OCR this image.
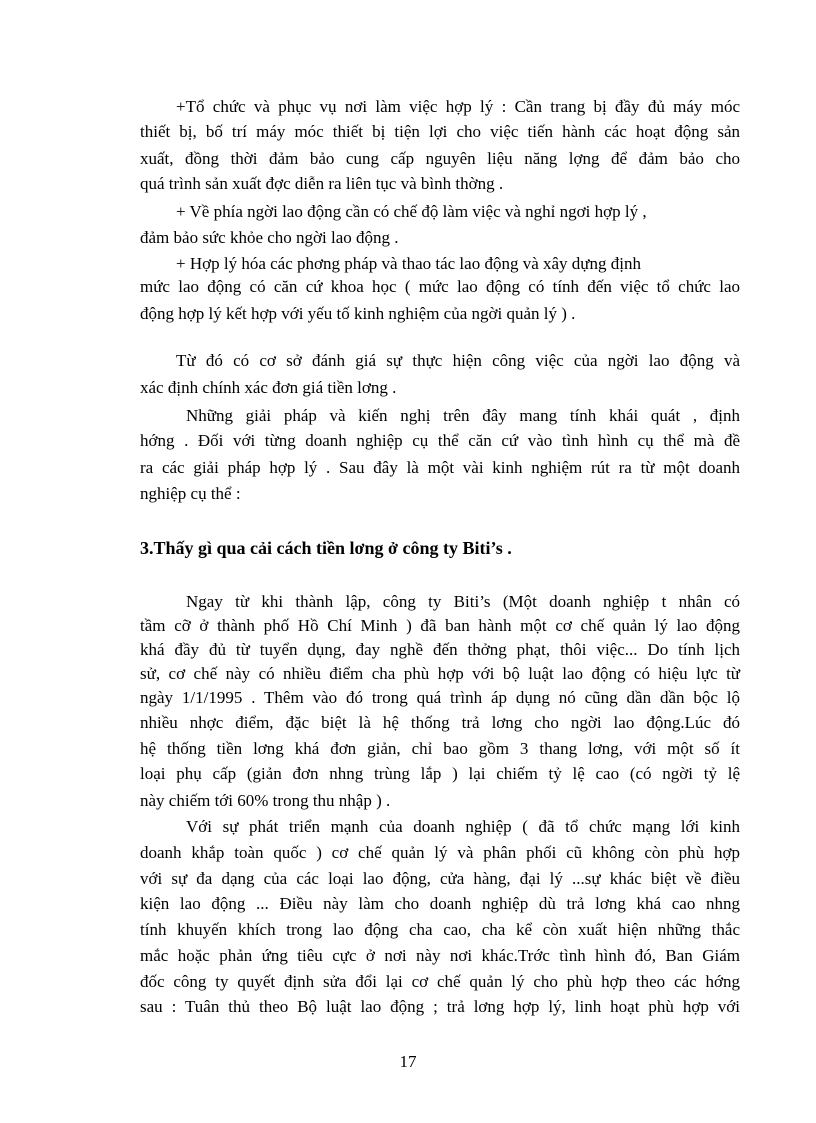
+Tổ chức và phục vụ nơi làm việc hợp lý : Cần trang bị đầy đủ máy móc
thiết bị, bố trí máy móc thiết bị tiện lợi cho việc tiến hành các hoạt động sản
xuất, đồng thời đảm bảo cung cấp nguyên liệu năng lợng để đảm bảo cho
quá trình sản xuất đợc diễn ra liên tục và bình thờng .
+ Về phía ngời lao động cần có chế độ làm việc và nghỉ ngơi hợp lý ,
đảm bảo sức khỏe cho ngời lao động .
+ Hợp lý hóa các phơng pháp và thao tác lao động và xây dựng định
mức lao động có căn cứ khoa học ( mức lao động có tính đến việc tổ chức lao
động hợp lý kết hợp với yếu tố kinh nghiệm của ngời quản lý ) .
Từ đó có cơ sở đánh giá sự thực hiện công việc của ngời lao động và
xác định chính xác đơn giá tiền lơng .
Những giải pháp và kiến nghị trên đây mang tính khái quát , định
hớng . Đối với từng doanh nghiệp cụ thể căn cứ vào tình hình cụ thể mà đề
ra các giải pháp hợp lý . Sau đây là một vài kinh nghiệm rút ra từ một doanh
nghiệp cụ thể :
3.Thấy gì qua cải cách tiền lơng ở công ty Biti’s .
Ngay từ khi thành lập, công ty Biti’s (Một doanh nghiệp t nhân có
tầm cỡ ở thành phố Hồ Chí Minh ) đã ban hành một cơ chế quản lý lao động
khá đầy đủ từ tuyển dụng, đay nghề đến thởng phạt, thôi việc... Do tính lịch
sử, cơ chế này có nhiều điểm cha phù hợp với bộ luật lao động có hiệu lực từ
ngày 1/1/1995 . Thêm vào đó trong quá trình áp dụng nó cũng dần dần bộc lộ
nhiều nhợc điểm, đặc biệt là hệ thống trả lơng cho ngời lao động.Lúc đó
hệ thống tiền lơng khá đơn giản, chỉ bao gồm 3 thang lơng, với một số ít
loại phụ cấp (giản đơn nhng trùng lắp ) lại chiếm tỷ lệ cao (có ngời tỷ lệ
này chiếm tới 60% trong thu nhập ) .
Với sự phát triển mạnh của doanh nghiệp ( đã tổ chức mạng lới kinh
doanh khắp toàn quốc ) cơ chế quản lý và phân phối cũ không còn phù hợp
với sự đa dạng của các loại lao động, cửa hàng, đại lý ...sự khác biệt về điều
kiện lao động ... Điều này làm cho doanh nghiệp dù trả lơng khá cao nhng
tính khuyến khích trong lao động cha cao, cha kể còn xuất hiện những thắc
mắc hoặc phản ứng tiêu cực ở nơi này nơi khác.Trớc tình hình đó, Ban Giám
đốc công ty quyết định sửa đổi lại cơ chế quản lý cho phù hợp theo các hớng
sau : Tuân thủ theo Bộ luật lao động ; trả lơng hợp lý, linh hoạt phù hợp với
17
